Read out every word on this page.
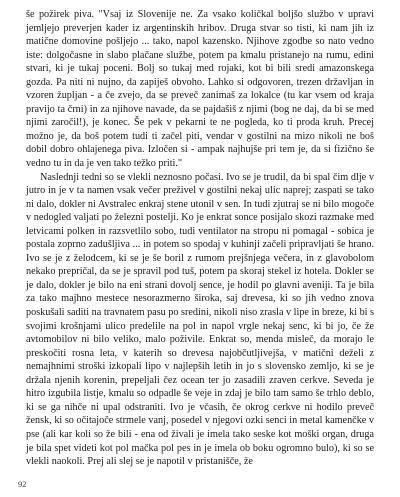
še požirek piva. "Vsaj iz Slovenije ne. Za vsako količkal boljšo službo v upravi jemljejo preverjen kader iz argentinskih hribov. Druga stvar so tisti, ki nam jih iz matične domovine pošljejo ... tako, napol kazensko. Njihove zgodbe so nato vedno iste: dolgočasne in slabo plačane službe, potem pa kmalu pristanejo na rumu, edini stvari, ki je tukaj poceni. Bolj so tukaj med rojaki, kot bi bili sredi amazonskega gozda. Pa niti ni nujno, da zapiješ obvoho. Lahko si odgovoren, trezen državljan in vzoren župljan - a če zvejo, da se preveč zanimaš za lokalce (tu kar vsem od kraja pravijo ta črni) in za njihove navade, da se pajdašiš z njimi (bog ne daj, da bi se med njimi zaročil!), je konec. Še pek v pekarni te ne pogleda, ko ti proda kruh. Precej možno je, da boš potem tudi ti začel piti, vendar v gostilni na mizo nikoli ne boš dobil dobro ohlajenega piva. Izločen si - ampak najhujše pri tem je, da si fizično še vedno tu in da je ven tako težko priti."

Naslednji tedni so se vlekli neznosno počasi. Ivo se je trudil, da bi spal čim dlje v jutro in je v ta namen vsak večer preživel v gostilni nekaj ulic naprej; zaspati se tako ni dalo, dokler ni Avstralec enkraj stene utonil v sen. In tudi zjutraj se ni bilo mogoče v nedogled valjati po železni postelji. Ko je enkrat sonce posijalo skozi razmake med letvicami polken in razsvetlilo sobo, tudi ventilator na stropu ni pomagal - sobica je postala zoprno zadušljiva ... in potem so spodaj v kuhinji začeli pripravljati še hrano. Ivo se je z želodcem, ki se je še boril z rumom prejšnjega večera, in z glavobolom nekako prepričal, da se je spravil pod tuš, potem pa skoraj stekel iz hotela. Dokler se je dalo, dokler je bilo na eni strani dovolj sence, je hodil po glavni aveniji. Ta je bila za tako majhno mestece nesorazmerno široka, saj drevesa, ki so jih vedno znova poskušali saditi na travnatem pasu po sredini, nikoli niso zrasla v lipe in breze, ki bi s svojimi krošnjami ulico predelile na pol in napol vrgle nekaj senc, ki bi jo, če že avtomobilov ni bilo veliko, malo poživile. Enkrat so, menda misleč, da morajo le preskočiti rosna leta, v katerih so drevesa najobčutljivejša, v matični deželi z nemajhnimi stroški izkopali lipo v najlepših letih in jo s slovensko zemljo, ki se je držala njenih korenin, prepeljali čez ocean ter jo zasadili zraven cerkve. Seveda je hitro izgubila listje, kmalu so odpadle še veje in zdaj je bilo tam samo še trhlo deblo, ki se ga nihče ni upal odstraniti. Ivo je včasih, če okrog cerkve ni hodilo preveč žensk, ki so očitajoče strmele vanj, posedel v njegovi ozki senci in metal kamenčke v pse (ali kar koli so že bili - ena od živali je imela tako seske kot moški organ, druga je bila spet videti kot pol mačka pol pes in je imela ob boku ogromno bulo), ki so se vlekli naokoli. Prej ali slej se je napotil v pristanišče, že

92
